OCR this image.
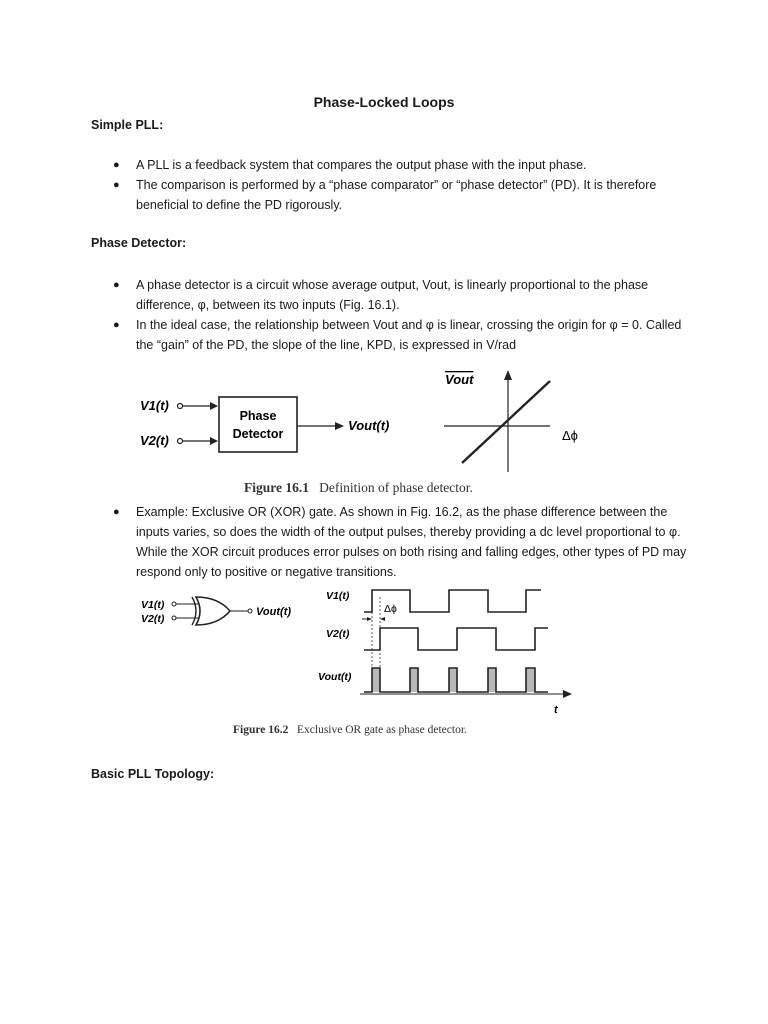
Phase-Locked Loops
Simple PLL:
● A PLL is a feedback system that compares the output phase with the input phase.
● The comparison is performed by a “phase comparator” or “phase detector” (PD). It is therefore beneficial to define the PD rigorously.
Phase Detector:
● A phase detector is a circuit whose average output, Vout, is linearly proportional to the phase difference, φ, between its two inputs (Fig. 16.1).
● In the ideal case, the relationship between Vout and φ is linear, crossing the origin for φ = 0. Called the “gain” of the PD, the slope of the line, KPD, is expressed in V/rad
V1(t)
V2(t)
Phase
Detector
Vout(t)
Vout
Δϕ
Figure 16.1 Definition of phase detector.
● Example: Exclusive OR (XOR) gate. As shown in Fig. 16.2, as the phase difference between the inputs varies, so does the width of the output pulses, thereby providing a dc level proportional to φ. While the XOR circuit produces error pulses on both rising and falling edges, other types of PD may respond only to positive or negative transitions.
V1(t)
V2(t)
Vout(t)
V1(t)
V2(t)
Vout(t)
Δϕ
t
Figure 16.2 Exclusive OR gate as phase detector.
Basic PLL Topology:
